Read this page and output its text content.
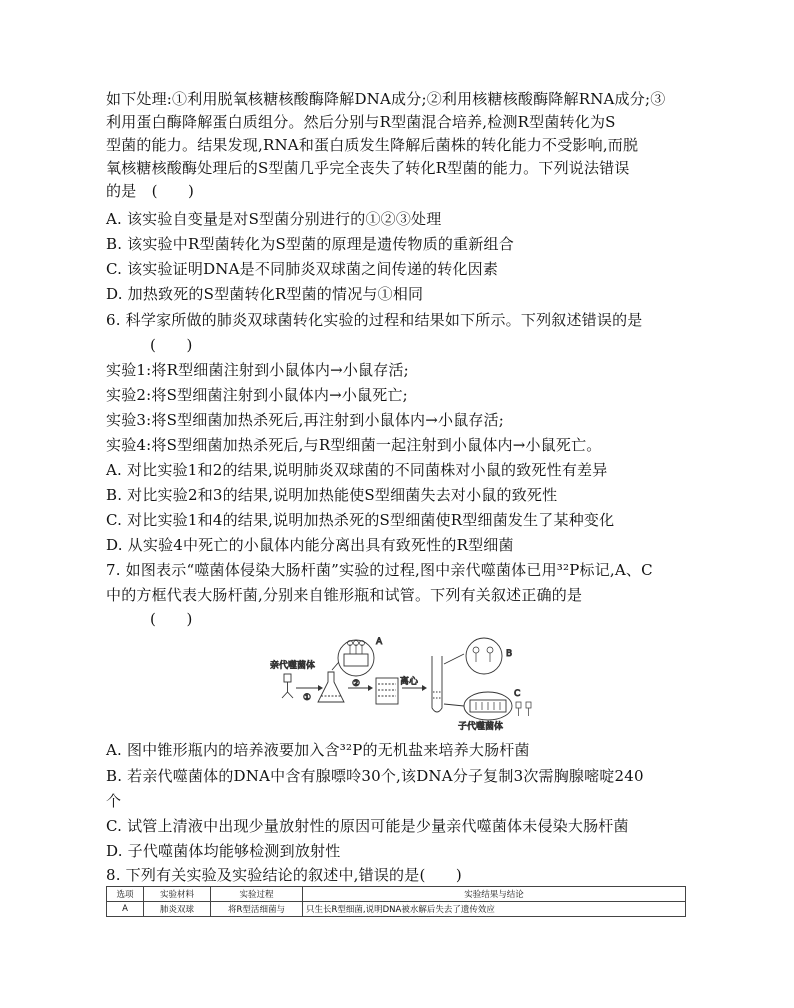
如下处理:①利用脱氧核糖核酸酶降解DNA成分;②利用核糖核酸酶降解RNA成分;③
利用蛋白酶降解蛋白质组分。然后分别与R型菌混合培养,检测R型菌转化为S
型菌的能力。结果发现,RNA和蛋白质发生降解后菌株的转化能力不受影响,而脱
氧核糖核酸酶处理后的S型菌几乎完全丧失了转化R型菌的能力。下列说法错误
的是　(　　)
A. 该实验自变量是对S型菌分别进行的①②③处理
B. 该实验中R型菌转化为S型菌的原理是遗传物质的重新组合
C. 该实验证明DNA是不同肺炎双球菌之间传递的转化因素
D. 加热致死的S型菌转化R型菌的情况与①相同
6. 科学家所做的肺炎双球菌转化实验的过程和结果如下所示。下列叙述错误的是
(　　)
实验1:将R型细菌注射到小鼠体内→小鼠存活;
实验2:将S型细菌注射到小鼠体内→小鼠死亡;
实验3:将S型细菌加热杀死后,再注射到小鼠体内→小鼠存活;
实验4:将S型细菌加热杀死后,与R型细菌一起注射到小鼠体内→小鼠死亡。
A. 对比实验1和2的结果,说明肺炎双球菌的不同菌株对小鼠的致死性有差异
B. 对比实验2和3的结果,说明加热能使S型细菌失去对小鼠的致死性
C. 对比实验1和4的结果,说明加热杀死的S型细菌使R型细菌发生了某种变化
D. 从实验4中死亡的小鼠体内能分离出具有致死性的R型细菌
7. 如图表示“噬菌体侵染大肠杆菌”实验的过程,图中亲代噬菌体已用³²P标记,A、C
中的方框代表大肠杆菌,分别来自锥形瓶和试管。下列有关叙述正确的是
(　　)
亲代噬菌体
①
A
②	离心
B
C
子代噬菌体
A. 图中锥形瓶内的培养液要加入含³²P的无机盐来培养大肠杆菌
B. 若亲代噬菌体的DNA中含有腺嘌呤30个,该DNA分子复制3次需胸腺嘧啶240
个
C. 试管上清液中出现少量放射性的原因可能是少量亲代噬菌体未侵染大肠杆菌
D. 子代噬菌体均能够检测到放射性
8. 下列有关实验及实验结论的叙述中,错误的是(　　)
选项	实验材料	实验过程	实验结果与结论
A	肺炎双球	将R型活细菌与	只生长R型细菌,说明DNA被水解后失去了遗传效应
